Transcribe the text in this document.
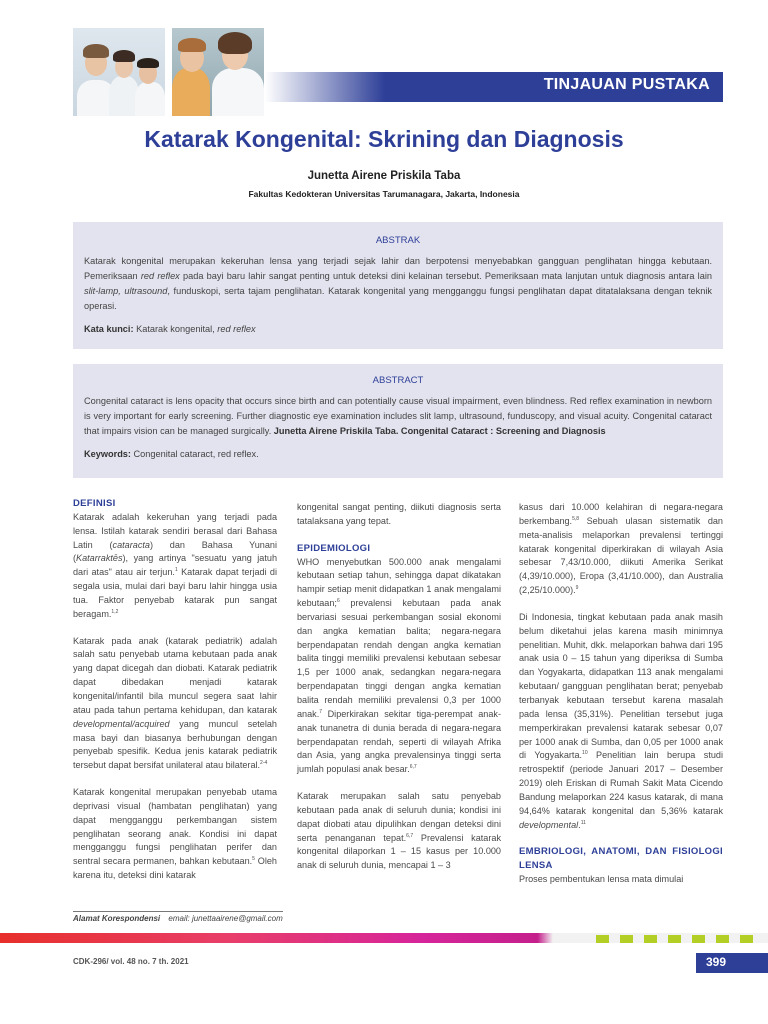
TINJAUAN PUSTAKA
Katarak Kongenital: Skrining dan Diagnosis
Junetta Airene Priskila Taba
Fakultas Kedokteran Universitas Tarumanagara, Jakarta, Indonesia
ABSTRAK
Katarak kongenital merupakan kekeruhan lensa yang terjadi sejak lahir dan berpotensi menyebabkan gangguan penglihatan hingga kebutaan. Pemeriksaan red reflex pada bayi baru lahir sangat penting untuk deteksi dini kelainan tersebut. Pemeriksaan mata lanjutan untuk diagnosis antara lain slit-lamp, ultrasound, funduskopi, serta tajam penglihatan. Katarak kongenital yang mengganggu fungsi penglihatan dapat ditatalaksana dengan teknik operasi.
Kata kunci: Katarak kongenital, red reflex
ABSTRACT
Congenital cataract is lens opacity that occurs since birth and can potentially cause visual impairment, even blindness. Red reflex examination in newborn is very important for early screening. Further diagnostic eye examination includes slit lamp, ultrasound, funduscopy, and visual acuity. Congenital cataract that impairs vision can be managed surgically. Junetta Airene Priskila Taba. Congenital Cataract : Screening and Diagnosis
Keywords: Congenital cataract, red reflex.
DEFINISI

Katarak adalah kekeruhan yang terjadi pada lensa. Istilah katarak sendiri berasal dari Bahasa Latin (cataracta) dan Bahasa Yunani (Katarraktēs), yang artinya "sesuatu yang jatuh dari atas" atau air terjun.$^1$ Katarak dapat terjadi di segala usia, mulai dari bayi baru lahir hingga usia tua. Faktor penyebab katarak pun sangat beragam.$^{1,2}$

Katarak pada anak (katarak pediatrik) adalah salah satu penyebab utama kebutaan pada anak yang dapat dicegah dan diobati. Katarak pediatrik dapat dibedakan menjadi katarak kongenital/infantil bila muncul segera saat lahir atau pada tahun pertama kehidupan, dan katarak developmental/acquired yang muncul setelah masa bayi dan biasanya berhubungan dengan penyebab spesifik. Kedua jenis katarak pediatrik tersebut dapat bersifat unilateral atau bilateral.$^{2-4}$

Katarak kongenital merupakan penyebab utama deprivasi visual (hambatan penglihatan) yang dapat mengganggu perkembangan sistem penglihatan seorang anak. Kondisi ini dapat mengganggu fungsi penglihatan perifer dan sentral secara permanen, bahkan kebutaan.$^5$ Oleh karena itu, deteksi dini katarak

kongenital sangat penting, diikuti diagnosis serta tatalaksana yang tepat.

EPIDEMIOLOGI

WHO menyebutkan 500.000 anak mengalami kebutaan setiap tahun, sehingga dapat dikatakan hampir setiap menit didapatkan 1 anak mengalami kebutaan;$^6$ prevalensi kebutaan pada anak bervariasi sesuai perkembangan sosial ekonomi dan angka kematian balita; negara-negara berpendapatan rendah dengan angka kematian balita tinggi memiliki prevalensi kebutaan sebesar 1,5 per 1000 anak, sedangkan negara-negara berpendapatan tinggi dengan angka kematian balita rendah memiliki prevalensi 0,3 per 1000 anak.$^7$ Diperkirakan sekitar tiga-perempat anak-anak tunanetra di dunia berada di negara-negara berpendapatan rendah, seperti di wilayah Afrika dan Asia, yang angka prevalensinya tinggi serta jumlah populasi anak besar.$^{6,7}$

Katarak merupakan salah satu penyebab kebutaan pada anak di seluruh dunia; kondisi ini dapat diobati atau dipulihkan dengan deteksi dini serta penanganan tepat.$^{6,7}$ Prevalensi katarak kongenital dilaporkan 1 – 15 kasus per 10.000 anak di seluruh dunia, mencapai 1 – 3

kasus dari 10.000 kelahiran di negara-negara berkembang.$^{5,8}$ Sebuah ulasan sistematik dan meta-analisis melaporkan prevalensi tertinggi katarak kongenital diperkirakan di wilayah Asia sebesar 7,43/10.000, diikuti Amerika Serikat (4,39/10.000), Eropa (3,41/10.000), dan Australia (2,25/10.000).$^9$

Di Indonesia, tingkat kebutaan pada anak masih belum diketahui jelas karena masih minimnya penelitian. Muhit, dkk. melaporkan bahwa dari 195 anak usia 0 – 15 tahun yang diperiksa di Sumba dan Yogyakarta, didapatkan 113 anak mengalami kebutaan/ gangguan penglihatan berat; penyebab terbanyak kebutaan tersebut karena masalah pada lensa (35,31%). Penelitian tersebut juga memperkirakan prevalensi katarak sebesar 0,07 per 1000 anak di Sumba, dan 0,05 per 1000 anak di Yogyakarta.$^{10}$ Penelitian lain berupa studi retrospektif (periode Januari 2017 – Desember 2019) oleh Eriskan di Rumah Sakit Mata Cicendo Bandung melaporkan 224 kasus katarak, di mana 94,64% katarak kongenital dan 5,36% katarak developmental.$^{11}$

EMBRIOLOGI, ANATOMI, DAN FISIOLOGI LENSA

Proses pembentukan lensa mata dimulai

Alamat Korespondensi email: junettaairene@gmail.com
CDK-296/ vol. 48 no. 7 th. 2021	399
